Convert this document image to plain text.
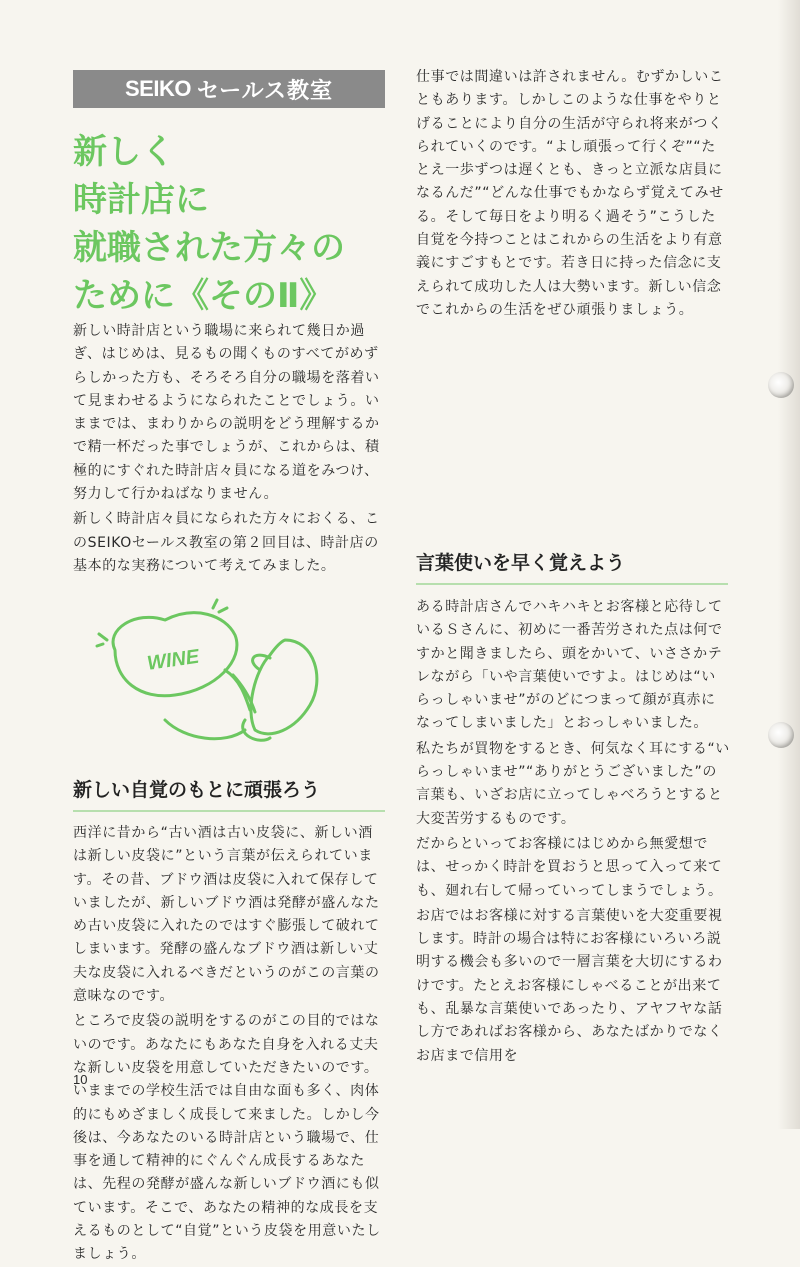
SEIKO セールス教室
新しく
時計店に
就職された方々の
ために《そのⅡ》

新しい時計店という職場に来られて幾日か過ぎ、はじめは、見るもの聞くものすべてがめずらしかった方も、そろそろ自分の職場を落着いて見まわせるようになられたことでしょう。いままでは、まわりからの説明をどう理解するかで精一杯だった事でしょうが、これからは、積極的にすぐれた時計店々員になる道をみつけ、努力して行かねばなりません。

新しく時計店々員になられた方々におくる、このSEIKOセールス教室の第２回目は、時計店の基本的な実務について考えてみました。

WINE
新しい自覚のもとに頑張ろう

西洋に昔から“古い酒は古い皮袋に、新しい酒は新しい皮袋に”という言葉が伝えられています。その昔、ブドウ酒は皮袋に入れて保存していましたが、新しいブドウ酒は発酵が盛んなため古い皮袋に入れたのではすぐ膨張して破れてしまいます。発酵の盛んなブドウ酒は新しい丈夫な皮袋に入れるべきだというのがこの言葉の意味なのです。

ところで皮袋の説明をするのがこの目的ではないのです。あなたにもあなた自身を入れる丈夫な新しい皮袋を用意していただきたいのです。いままでの学校生活では自由な面も多く、肉体的にもめざましく成長して来ました。しかし今後は、今あなたのいる時計店という職場で、仕事を通して精神的にぐんぐん成長するあなたは、先程の発酵が盛んな新しいブドウ酒にも似ています。そこで、あなたの精神的な成長を支えるものとして“自覚”という皮袋を用意いたしましょう。

仕事では間違いは許されません。むずかしいこともあります。しかしこのような仕事をやりとげることにより自分の生活が守られ将来がつくられていくのです。“よし頑張って行くぞ”“たとえ一歩ずつは遅くとも、きっと立派な店員になるんだ”“どんな仕事でもかならず覚えてみせる。そして毎日をより明るく過そう”こうした自覚を今持つことはこれからの生活をより有意義にすごすもとです。若き日に持った信念に支えられて成功した人は大勢います。新しい信念でこれからの生活をぜひ頑張りましょう。

言葉使いを早く覚えよう

ある時計店さんでハキハキとお客様と応待しているＳさんに、初めに一番苦労された点は何ですかと聞きましたら、頭をかいて、いささかテレながら「いや言葉使いですよ。はじめは“いらっしゃいませ”がのどにつまって顔が真赤になってしまいました」とおっしゃいました。

私たちが買物をするとき、何気なく耳にする“いらっしゃいませ”“ありがとうございました”の言葉も、いざお店に立ってしゃべろうとすると大変苦労するものです。

だからといってお客様にはじめから無愛想では、せっかく時計を買おうと思って入って来ても、廻れ右して帰っていってしまうでしょう。

お店ではお客様に対する言葉使いを大変重要視します。時計の場合は特にお客様にいろいろ説明する機会も多いので一層言葉を大切にするわけです。たとえお客様にしゃべることが出来ても、乱暴な言葉使いであったり、アヤフヤな話し方であればお客様から、あなたばかりでなくお店まで信用を

10
